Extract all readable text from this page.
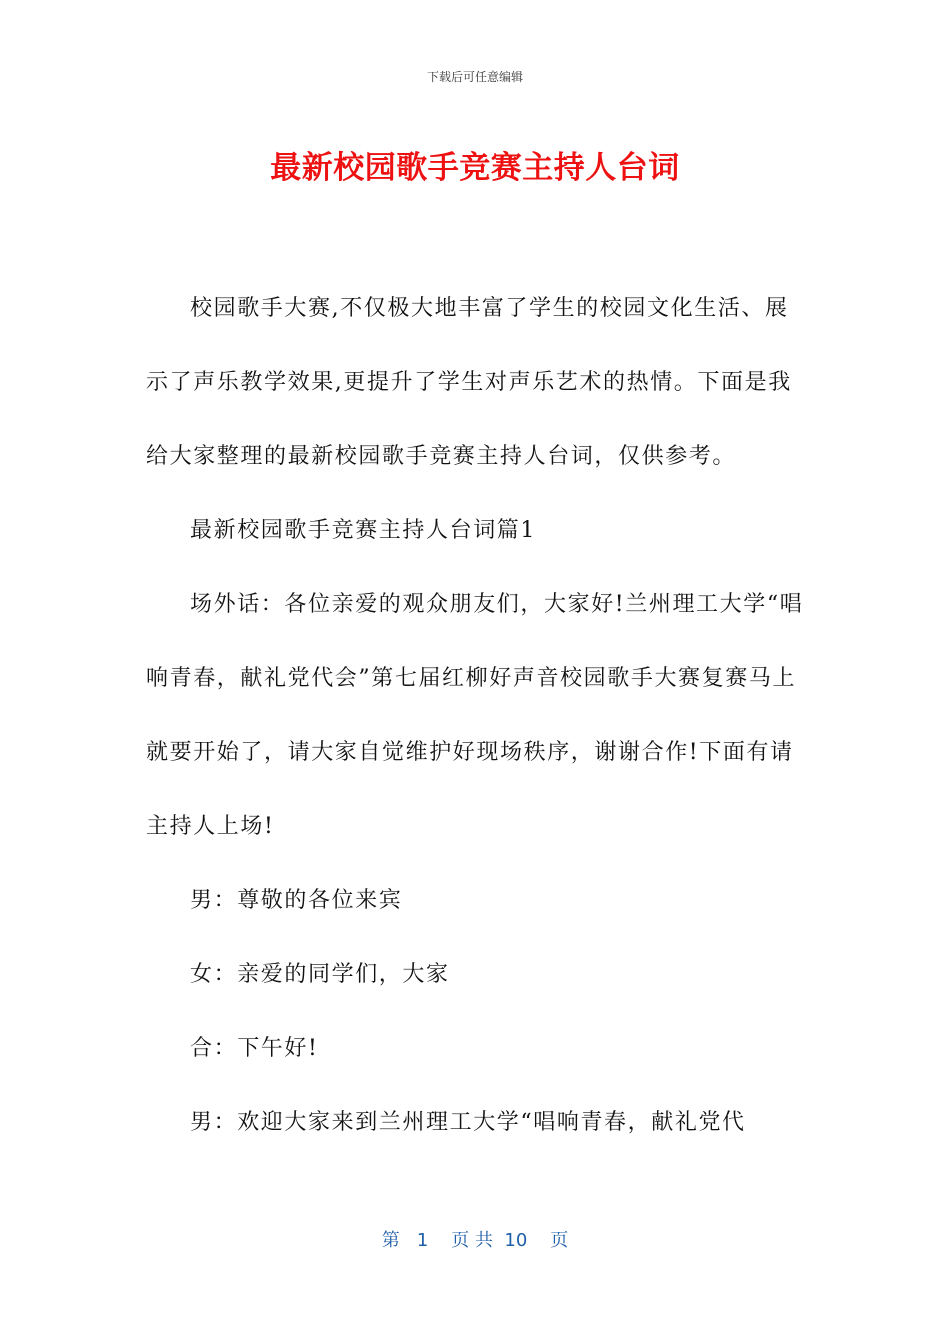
下载后可任意编辑
最新校园歌手竞赛主持人台词

校园歌手大赛,不仅极大地丰富了学生的校园文化生活、展示了声乐教学效果,更提升了学生对声乐艺术的热情。下面是我给大家整理的最新校园歌手竞赛主持人台词，仅供参考。

最新校园歌手竞赛主持人台词篇1

场外话：各位亲爱的观众朋友们，大家好!兰州理工大学“唱响青春，献礼党代会”第七届红柳好声音校园歌手大赛复赛马上就要开始了，请大家自觉维护好现场秩序，谢谢合作!下面有请主持人上场!

男：尊敬的各位来宾

女：亲爱的同学们，大家

合：下午好!

男：欢迎大家来到兰州理工大学“唱响青春，献礼党代

第   1    页 共  10    页
